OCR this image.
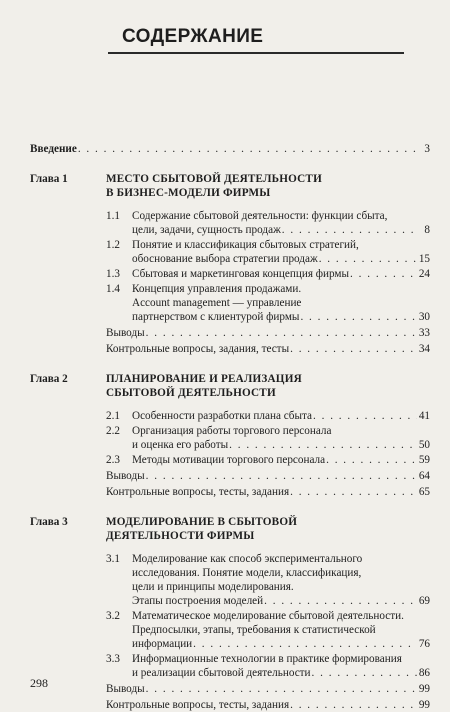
СОДЕРЖАНИЕ
Введение . . .	3
Глава 1	МЕСТО СБЫТОВОЙ ДЕЯТЕЛЬНОСТИ
В БИЗНЕС-МОДЕЛИ ФИРМЫ
1.1	Содержание сбытовой деятельности: функции сбыта,
цели, задачи, сущность продаж . . .	8
1.2	Понятие и классификация сбытовых стратегий,
обоснование выбора стратегии продаж . . .	15
1.3	Сбытовая и маркетинговая концепция фирмы . . .	24
1.4	Концепция управления продажами.
Account management — управление
партнерством с клиентурой фирмы . . .	30
Выводы . . .	33
Контрольные вопросы, задания, тесты . . .	34
Глава 2	ПЛАНИРОВАНИЕ И РЕАЛИЗАЦИЯ
СБЫТОВОЙ ДЕЯТЕЛЬНОСТИ
2.1	Особенности разработки плана сбыта . . .	41
2.2	Организация работы торгового персонала
и оценка его работы . . .	50
2.3	Методы мотивации торгового персонала . . .	59
Выводы . . .	64
Контрольные вопросы, тесты, задания . . .	65
Глава 3	МОДЕЛИРОВАНИЕ В СБЫТОВОЙ
ДЕЯТЕЛЬНОСТИ ФИРМЫ
3.1	Моделирование как способ экспериментального
исследования. Понятие модели, классификация,
цели и принципы моделирования.
Этапы построения моделей . . .	69
3.2	Математическое моделирование сбытовой деятельности.
Предпосылки, этапы, требования к статистической
информации . . .	76
3.3	Информационные технологии в практике формирования
и реализации сбытовой деятельности . . .	86
Выводы . . .	99
Контрольные вопросы, тесты, задания . . .	99
298
